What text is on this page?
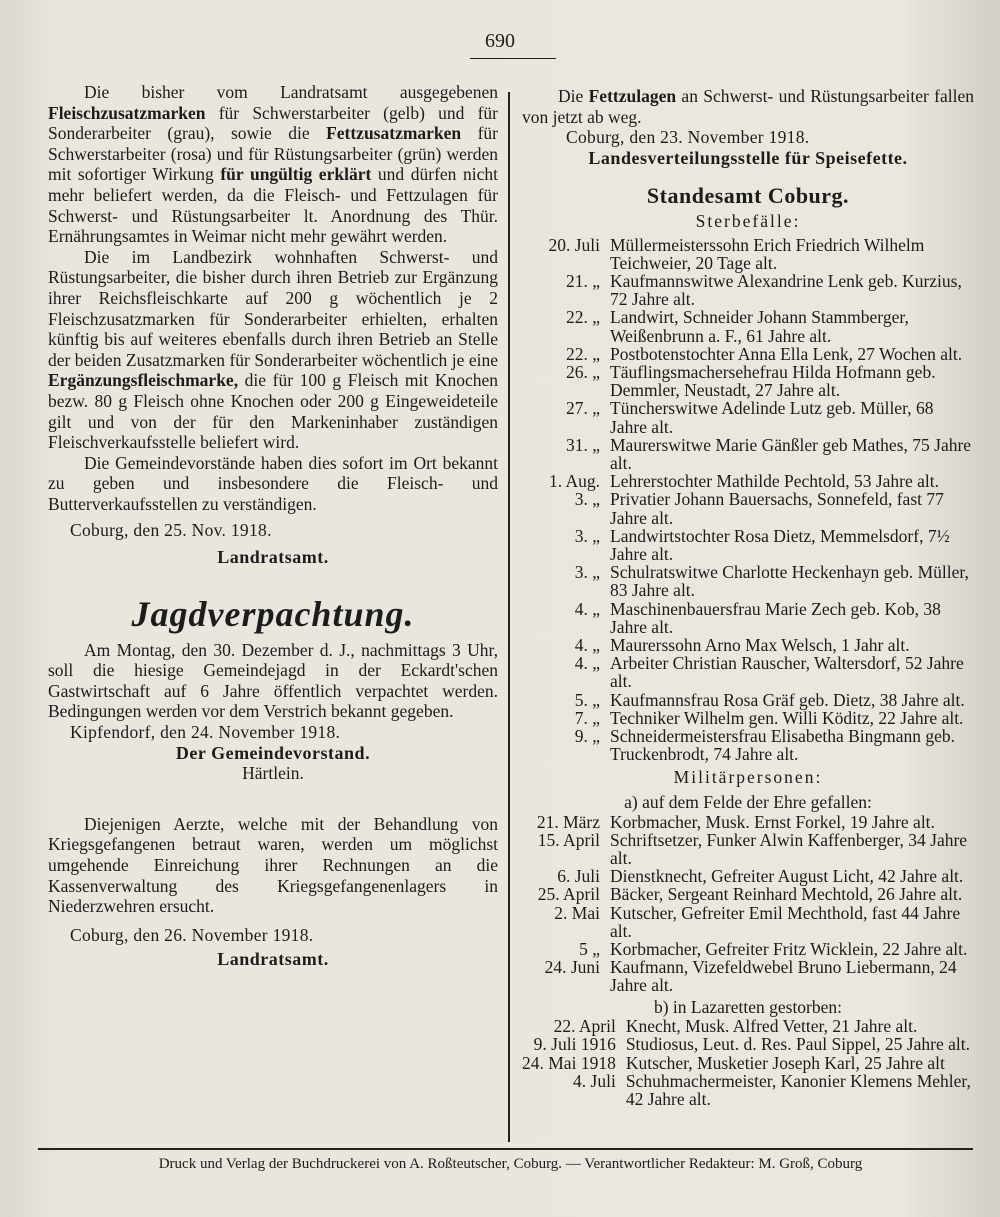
690

Die bisher vom Landratsamt ausgegebenen Fleischzusatzmarken für Schwerstarbeiter (gelb) und für Sonderarbeiter (grau), sowie die Fettzusatzmarken für Schwerstarbeiter (rosa) und für Rüstungsarbeiter (grün) werden mit sofortiger Wirkung für ungültig erklärt und dürfen nicht mehr beliefert werden, da die Fleisch- und Fettzulagen für Schwerst- und Rüstungsarbeiter lt. Anordnung des Thür. Ernährungsamtes in Weimar nicht mehr gewährt werden.

Die im Landbezirk wohnhaften Schwerst- und Rüstungsarbeiter, die bisher durch ihren Betrieb zur Ergänzung ihrer Reichsfleischkarte auf 200 g wöchentlich je 2 Fleischzusatzmarken für Sonderarbeiter erhielten, erhalten künftig bis auf weiteres ebenfalls durch ihren Betrieb an Stelle der beiden Zusatzmarken für Sonderarbeiter wöchentlich je eine Ergänzungsfleischmarke, die für 100 g Fleisch mit Knochen bezw. 80 g Fleisch ohne Knochen oder 200 g Eingeweideteile gilt und von der für den Markeninhaber zuständigen Fleischverkaufsstelle beliefert wird.

Die Gemeindevorstände haben dies sofort im Ort bekannt zu geben und insbesondere die Fleisch- und Butterverkaufsstellen zu verständigen.

Coburg, den 25. Nov. 1918.

Landratsamt.

Jagdverpachtung.

Am Montag, den 30. Dezember d. J., nachmittags 3 Uhr, soll die hiesige Gemeindejagd in der Eckardt'schen Gastwirtschaft auf 6 Jahre öffentlich verpachtet werden. Bedingungen werden vor dem Verstrich bekannt gegeben.

Kipfendorf, den 24. November 1918.

Der Gemeindevorstand.

Härtlein.

Diejenigen Aerzte, welche mit der Behandlung von Kriegsgefangenen betraut waren, werden um möglichst umgehende Einreichung ihrer Rechnungen an die Kassenverwaltung des Kriegsgefangenenlagers in Niederzwehren ersucht.

Coburg, den 26. November 1918.

Landratsamt.

Die Fettzulagen an Schwerst- und Rüstungsarbeiter fallen von jetzt ab weg.

Coburg, den 23. November 1918.

Landesverteilungsstelle für Speisefette.

Standesamt Coburg.
Sterbefälle:
20. Juli	Müllermeisterssohn Erich Friedrich Wilhelm Teichweier, 20 Tage alt.
21. „	Kaufmannswitwe Alexandrine Lenk geb. Kurzius, 72 Jahre alt.
22. „	Landwirt, Schneider Johann Stammberger, Weißenbrunn a. F., 61 Jahre alt.
22. „	Postbotenstochter Anna Ella Lenk, 27 Wochen alt.
26. „	Täuflingsmachersehefrau Hilda Hofmann geb. Demmler, Neustadt, 27 Jahre alt.
27. „	Tüncherswitwe Adelinde Lutz geb. Müller, 68 Jahre alt.
31. „	Maurerswitwe Marie Gänßler geb Mathes, 75 Jahre alt.
1. Aug.	Lehrerstochter Mathilde Pechtold, 53 Jahre alt.
3. „	Privatier Johann Bauersachs, Sonnefeld, fast 77 Jahre alt.
3. „	Landwirtstochter Rosa Dietz, Memmelsdorf, 7½ Jahre alt.
3. „	Schulratswitwe Charlotte Heckenhayn geb. Müller, 83 Jahre alt.
4. „	Maschinenbauersfrau Marie Zech geb. Kob, 38 Jahre alt.
4. „	Maurerssohn Arno Max Welsch, 1 Jahr alt.
4. „	Arbeiter Christian Rauscher, Waltersdorf, 52 Jahre alt.
5. „	Kaufmannsfrau Rosa Gräf geb. Dietz, 38 Jahre alt.
7. „	Techniker Wilhelm gen. Willi Köditz, 22 Jahre alt.
9. „	Schneidermeistersfrau Elisabetha Bingmann geb. Truckenbrodt, 74 Jahre alt.
Militärpersonen:
a) auf dem Felde der Ehre gefallen:
21. März	Korbmacher, Musk. Ernst Forkel, 19 Jahre alt.
15. April	Schriftsetzer, Funker Alwin Kaffenberger, 34 Jahre alt.
6. Juli	Dienstknecht, Gefreiter August Licht, 42 Jahre alt.
25. April	Bäcker, Sergeant Reinhard Mechtold, 26 Jahre alt.
2. Mai	Kutscher, Gefreiter Emil Mechthold, fast 44 Jahre alt.
5 „	Korbmacher, Gefreiter Fritz Wicklein, 22 Jahre alt.
24. Juni	Kaufmann, Vizefeldwebel Bruno Liebermann, 24 Jahre alt.
b) in Lazaretten gestorben:
22. April	Knecht, Musk. Alfred Vetter, 21 Jahre alt.
9. Juli 1916	Studiosus, Leut. d. Res. Paul Sippel, 25 Jahre alt.
24. Mai 1918	Kutscher, Musketier Joseph Karl, 25 Jahre alt
4. Juli	Schuhmachermeister, Kanonier Klemens Mehler, 42 Jahre alt.
Druck und Verlag der Buchdruckerei von A. Roßteutscher, Coburg. — Verantwortlicher Redakteur: M. Groß, Coburg
